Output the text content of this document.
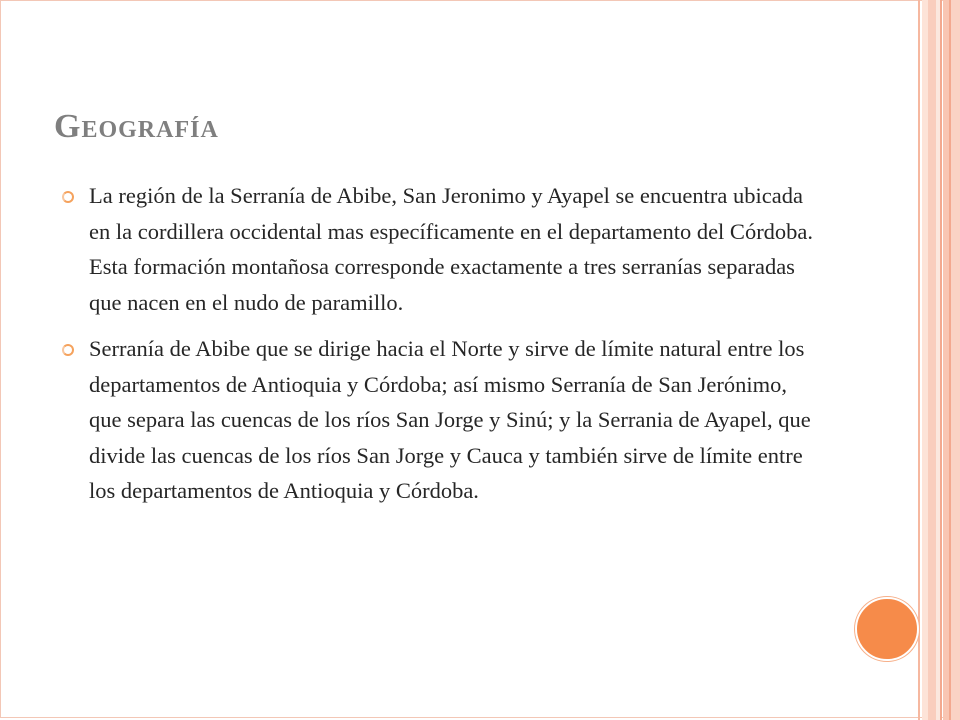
Geografía
La región de la Serranía de Abibe, San Jeronimo y Ayapel se encuentra ubicada en la cordillera occidental mas específicamente en el departamento del Córdoba. Esta formación montañosa corresponde exactamente a tres serranías separadas que nacen en el nudo de paramillo.
Serranía de Abibe que se dirige hacia el Norte y sirve de límite natural entre los departamentos de Antioquia y Córdoba; así mismo Serranía de San Jerónimo, que separa las cuencas de los ríos San Jorge y Sinú; y la Serrania de Ayapel, que divide las cuencas de los ríos San Jorge y Cauca y también sirve de límite entre los departamentos de Antioquia y Córdoba.
